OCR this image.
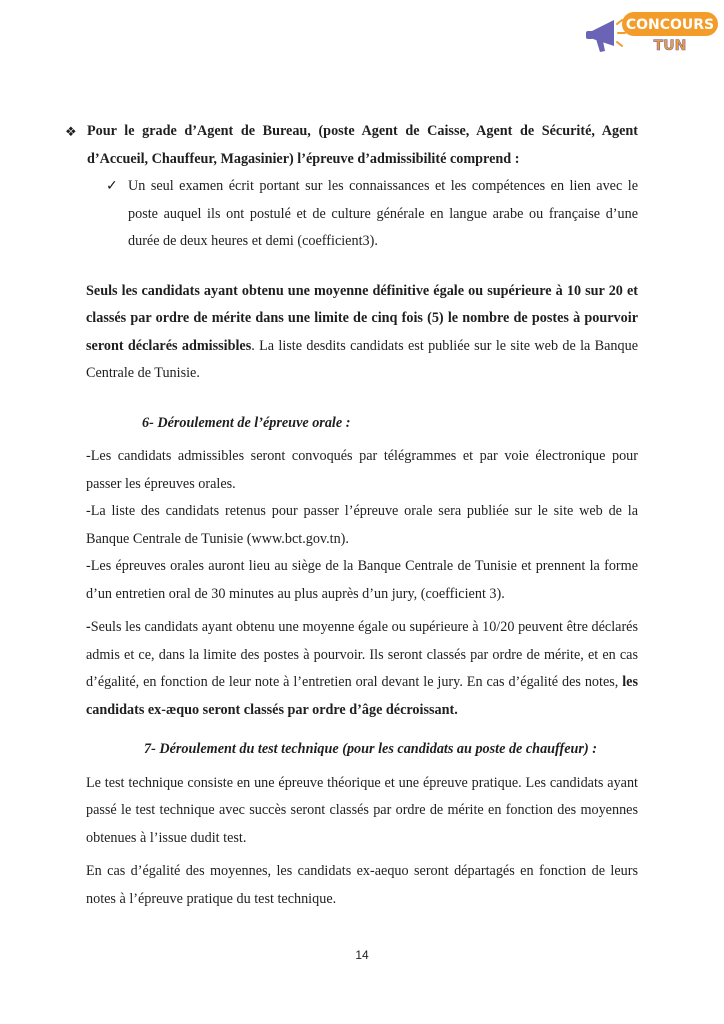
CONCOURS
TUN
❖ Pour le grade d’Agent de Bureau, (poste Agent de Caisse, Agent de Sécurité, Agent d’Accueil, Chauffeur, Magasinier) l’épreuve d’admissibilité comprend :

✓ Un seul examen écrit portant sur les connaissances et les compétences en lien avec le poste auquel ils ont postulé et de culture générale en langue arabe ou française d’une durée de deux heures et demi (coefficient3).

Seuls les candidats ayant obtenu une moyenne définitive égale ou supérieure à 10 sur 20 et classés par ordre de mérite dans une limite de cinq fois (5) le nombre de postes à pourvoir seront déclarés admissibles. La liste desdits candidats est publiée sur le site web de la Banque Centrale de Tunisie.

6- Déroulement de l’épreuve orale :

-Les candidats admissibles seront convoqués par télégrammes et par voie électronique pour passer les épreuves orales.

-La liste des candidats retenus pour passer l’épreuve orale sera publiée sur le site web de la Banque Centrale de Tunisie (www.bct.gov.tn).

-Les épreuves orales auront lieu au siège de la Banque Centrale de Tunisie et prennent la forme d’un entretien oral de 30 minutes au plus auprès d’un jury, (coefficient 3).

-Seuls les candidats ayant obtenu une moyenne égale ou supérieure à 10/20 peuvent être déclarés admis et ce, dans la limite des postes à pourvoir. Ils seront classés par ordre de mérite, et en cas d’égalité, en fonction de leur note à l’entretien oral devant le jury. En cas d’égalité des notes, les candidats ex-æquo seront classés par ordre d’âge décroissant.

7- Déroulement du test technique (pour les candidats au poste de chauffeur) :

Le test technique consiste en une épreuve théorique et une épreuve pratique. Les candidats ayant passé le test technique avec succès seront classés par ordre de mérite en fonction des moyennes obtenues à l’issue dudit test.

En cas d’égalité des moyennes, les candidats ex-aequo seront départagés en fonction de leurs notes à l’épreuve pratique du test technique.

14
